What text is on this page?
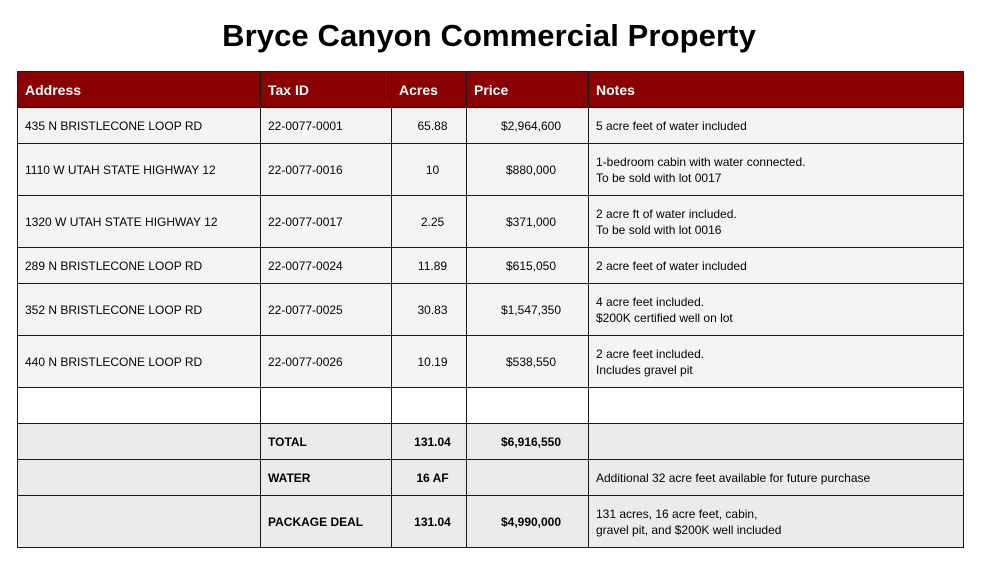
Bryce Canyon Commercial Property
Address	Tax ID	Acres	Price	Notes
435 N BRISTLECONE LOOP RD	22-0077-0001	65.88	$2,964,600	5 acre feet of water included

1110 W UTAH STATE HIGHWAY 12	22-0077-0016	10	$880,000	1-bedroom cabin with water connected.
To be sold with lot 0017

1320 W UTAH STATE HIGHWAY 12	22-0077-0017	2.25	$371,000	2 acre ft of water included.
To be sold with lot 0016

289 N BRISTLECONE LOOP RD	22-0077-0024	11.89	$615,050	2 acre feet of water included

352 N BRISTLECONE LOOP RD	22-0077-0025	30.83	$1,547,350	4 acre feet included.
$200K certified well on lot

440 N BRISTLECONE LOOP RD	22-0077-0026	10.19	$538,550	2 acre feet included.
Includes gravel pit

	TOTAL	131.04	$6,916,550	
	WATER	16 AF		Additional 32 acre feet available for future purchase
	PACKAGE DEAL	131.04	$4,990,000	131 acres, 16 acre feet, cabin,
gravel pit, and $200K well included
